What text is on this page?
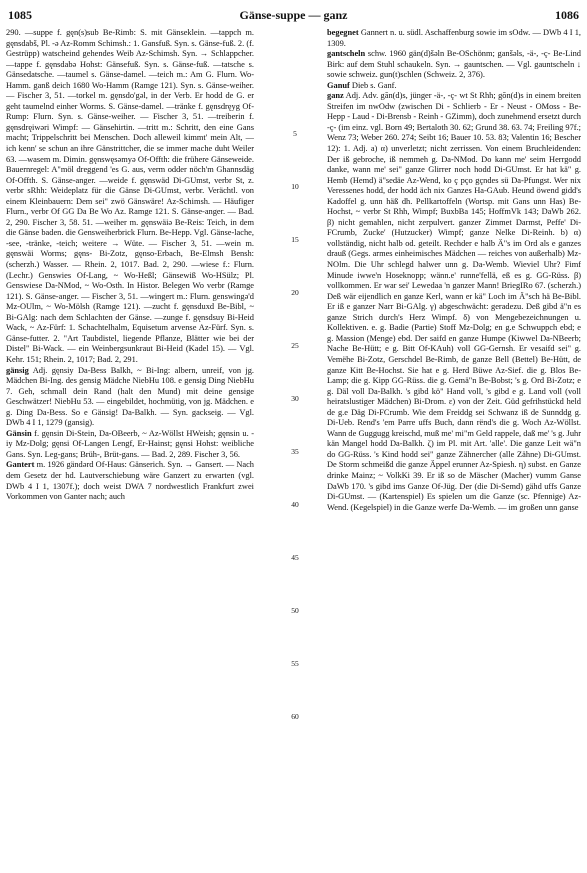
1085	Gänse-suppe — ganz	1086

290. —suppe f. gęn(s)sub Be-Rimb: S. mit Gänseklein. —tappch m. gęnsdabš, Pl. -ə Az-Romm Schimsh.: 1. Gansfuß. Syn. s. Gänse-fuß. 2. (f. Gestrüpp) watscheind gehendes Weib Az-Schimsh. Syn. → Schlappcher. —tappe f. gęnsdabə Hohst: Gänsefuß. Syn. s. Gänse-fuß. —tatsche s. Gänsedatsche. —taumel s. Gänse-damel. —teich m.: Am G. Flurn. Wo-Hamm. ganß deich 1680 Wo-Hamm (Ramge 121). Syn. s. Gänse-weiher. — Fischer 3, 51. —torkel m. gęnsdo'gəl, in der Verb. Er hodd de G. er geht taumelnd einher Worms. S. Gänse-damel. —tränke f. gęnsdręyg Of-Rump: Flurn. Syn. s. Gänse-weiher. — Fischer 3, 51. —treiberin f. gęnsdręiwəri Wimpf: — Gänsehirtin. —tritt m.: Schritt, den eine Gans macht; Trippelschritt bei Menschen. Doch alleweil kimmt' mein Alt, — ich kenn' se schun an ihre Gänstrittcher, die se immer mache duht Weiler 63. —wasem m. Dimin. gęnswęsəmyə Of-Offth: die frühere Gänseweide. Bauernregel: A"möl dreggend 'es G. aus, verm odder nöch'm Ghannsdäg Of-Offth. S. Gänse-anger. —weide f. gęnswäd Di-GUmst, verbr St, z. verbr sRhh: Weideplatz für die Gänse Di-GUmst, verbr. Verächtl. von einem Kleinbauern: Dem sei" zwö Gänswäre! Az-Schimsh. — Häufiger Flurn., verbr Of GG Da Be Wo Az. Ramge 121. S. Gänse-anger. — Bad. 2, 290. Fischer 3, 58. 51. —weiher m. gęnswäiə Be-Reis: Teich, in dem die Gänse baden. die Gensweiherbrick Flurn. Be-Hepp. Vgl. Gänse-lache, -see, -tränke, -teich; weitere → Wüte. — Fischer 3, 51. —wein m. gęnswäi Worms; gęns- Bi-Zotz, gęnso-Erbach, Be-Elmsh Bensh: (scherzh.) Wasser. — Rhein. 2, 1017. Bad. 2, 290. —wiese f.: Flurn. (Lechr.) Genswies Of-Lang, ~ Wo-Heßl; Gänsewiß Wo-HSülz; Pl. Genswiese Da-NMod, ~ Wo-Osth. In Histor. Belegen Wo verbr (Ramge 121). S. Gänse-anger. — Fischer 3, 51. —wingert m.: Flurn. genswingə'd Mz-OUlm, ~ Wo-Mölsh (Ramge 121). —zucht f. gęnsduxd Be-Bibl, ~ Bi-GAlg: nach dem Schlachten der Gänse. —zunge f. gęnsdsuy Bi-Heid Wack, ~ Az-Fürf: 1. Schachtelhalm, Equisetum arvense Az-Fürf. Syn. s. Gänse-futter. 2. "Art Taubdistel, liegende Pflanze, Blätter wie bei der Distel" Bi-Wack. — ein Weinbergsunkraut Bi-Heid (Kadel 15). — Vgl. Kehr. 151; Rhein. 2, 1017; Bad. 2, 291.

gänsig Adj. gęnsiy Da-Bess Balkh, ~ Bi-Ing: albern, unreif, von jg. Mädchen Bi-Ing. des gensig Mädche NiebHu 108. e gensig Ding NiebHu 7. Geh, schmall dein Rand (halt den Mund) mit deine gensige Geschwätzer! NiebHu 53. — eingebildet, hochmütig, von jg. Mädchen. e g. Ding Da-Bess. So e Gänsig! Da-Balkh. — Syn. gackseig. — Vgl. DWb 4 I 1, 1279 (gansig).

Gänsin f. gęnsin Di-Stein, Da-OBeerb, ~ Az-Wöllst HWeish; gęnsin u. -iy Mz-Dolg; gęnsi Of-Langen Lengf, Er-Hainst; gęnsi Hohst: weibliche Gans. Syn. Leg-gans; Brüh-, Brüt-gans. — Bad. 2, 289. Fischer 3, 56.

Gantert m. 1926 gändərd Of-Haus: Gänserich. Syn. → Gansert. — Nach dem Gesetz der hd. Lautverschiebung wäre Ganzert zu erwarten (vgl. DWb 4 I 1, 1307f.); doch weist DWA 7 nordwestlich Frankfurt zwei Vorkommen von Ganter nach; auch

5
10
15
20
25
30
35
40
45
50
55
60

begegnet Gannert n. u. südl. Aschaffenburg sowie im sOdw. — DWb 4 I 1, 1309.

gantscheln schw. 1960 gän(d)šəln Be-OSchönm; ganšəls, -ä-, -ç- Be-Lind Birk: auf dem Stuhl schaukeln. Syn. → gauntschen. — Vgl. gauntscheln ↓ sowie schweiz. gun(t)schlen (Schweiz. 2, 376).

Ganuf Dieb s. Ganf.

ganz Adj. Adv. gān(d)s, jünger -ä-, -ç- wt St Rhh; gōn(d)s in einem breiten Streifen im nwOdw (zwischen Di - Schlierb - Er - Neust - OMoss - Be-Hepp - Laud - Di-Brensb - Reinh - GZimm), doch zunehmend ersetzt durch -ç- (im einz. vgl. Born 49; Bertaloth 30. 62; Grund 38. 63. 74; Freiling 97f.; Wenz 73; Weber 260. 274; Seibt 16; Bauer 10. 53. 83; Valentin 16; Bescher 12): 1. Adj. a) α) unverletzt; nicht zerrissen. Von einem Bruchleidenden: Der iß gebroche, iß nemmeh g. Da-NMod. Do kann me' seim Herrgodd danke, wann me' sei" ganze Glirrer noch hodd Di-GUmst. Er hat kä" g. Hemb (Hemd) ä"sedäe Az-Wend, ko ç pço gçndes sü Da-Pfungst. Wer nix Veressenes hodd, der hodd äch nix Ganzes Ha-GAub. Heund öwend gidd's Kadoffel g. unn häß dh. Pellkartoffeln (Wortsp. mit Gans unn Has) Be-Hochst, ~ verbr St Rhh, Wimpf; BuxbBa 145; HoffmVk 143; DaWb 262. β) nicht gemahlen, nicht zerpulvert. ganzer Zimmet Darmst, Peffe' Di-FCrumb, Zucke' (Hutzucker) Wimpf; ganze Nelke Di-Reinh. b) α) vollständig, nicht halb od. geteilt. Rechder e halb Ä"s im Ord als e ganzes drauß (Gegs. armes einheimisches Mädchen — reiches von außerhalb) Mz-NOlm. Die Uhr schlegd halwer unn g. Da-Wemb. Wieviel Uhr? Fimf Minude iwwe'n Hoseknopp; wänn.e' runne'fellä, eß es g. GG-Rüss. β) vollkommen. Er war sei' Lewedaa 'n ganzer Mann! BriegIRo 67. (scherzh.) Deß wär eijendlich en ganze Kerl, wann er kä" Loch im Ä"sch hä Be-Bibl. Er iß e ganzer Narr Bi-GAlg. γ) abgeschwächt: geradezu. Deß gibd ä"n es ganze Strich durch's Herz Wimpf. δ) von Mengebezeichnungen u. Kollektiven. e. g. Badie (Partie) Stoff Mz-Dolg; en g.e Schwuppch ebd; e g. Massion (Menge) ebd. Der saifd en ganze Humpe (Kiwwel Da-NBeerb; Nache Be-Hütt; e g. Bitt Of-KAuh) voll GG-Gernsh. Er vesaifd sei" g. Vemëhe Bi-Zotz, Gerschdel Be-Rimb, de ganze Bell (Bettel) Be-Hütt, de ganze Kitt Be-Hochst. Sie hat e g. Herd Büwe Az-Sief. die g. Blos Be-Lamp; die g. Kipp GG-Rüss. die g. Gemä"n Be-Bobst; 's g. Ord Bi-Zotz; e g. Däl voll Da-Balkh. 's gibd kö" Hand voll, 's gibd e g. Land voll (voll heiratslustiger Mädchen) Bi-Drom. ε) von der Zeit. Güd gefrihstückd held de g.e Däg Di-FCrumb. Wie dem Freiddg sei Schwanz iß de Sunnddg g. Di-Ueb. Rend's 'em Parre uffs Buch, dann rënd's die g. Woch Az-Wöllst. Wann de Guggugg kreischd, muß me' mi"m Geld rappele, daß me' 's g. Juhr kän Mangel hodd Da-Balkh. ζ) im Pl. mit Art. 'alle'. Die ganze Leit wä"n do GG-Rüss. 's Kind hodd sei" ganze Zähnercher (alle Zähne) Di-GUmst. De Storm schmeißd die ganze Äppel erunner Az-Spiesh. η) subst. en Ganze drinke Mainz; ~ VolkKi 39. Er iß so de Mäscher (Macher) vumm Ganse DaWb 170. 's gibd ims Ganze Of-Jüg. Der (die Di-Semd) gähd uffs Ganze Di-GUmst. — (Kartenspiel) Es spielen um die Ganze (sc. Pfennige) Az-Wend. (Kegelspiel) in die Ganze werfe Da-Wemb. — im großen unn ganse
